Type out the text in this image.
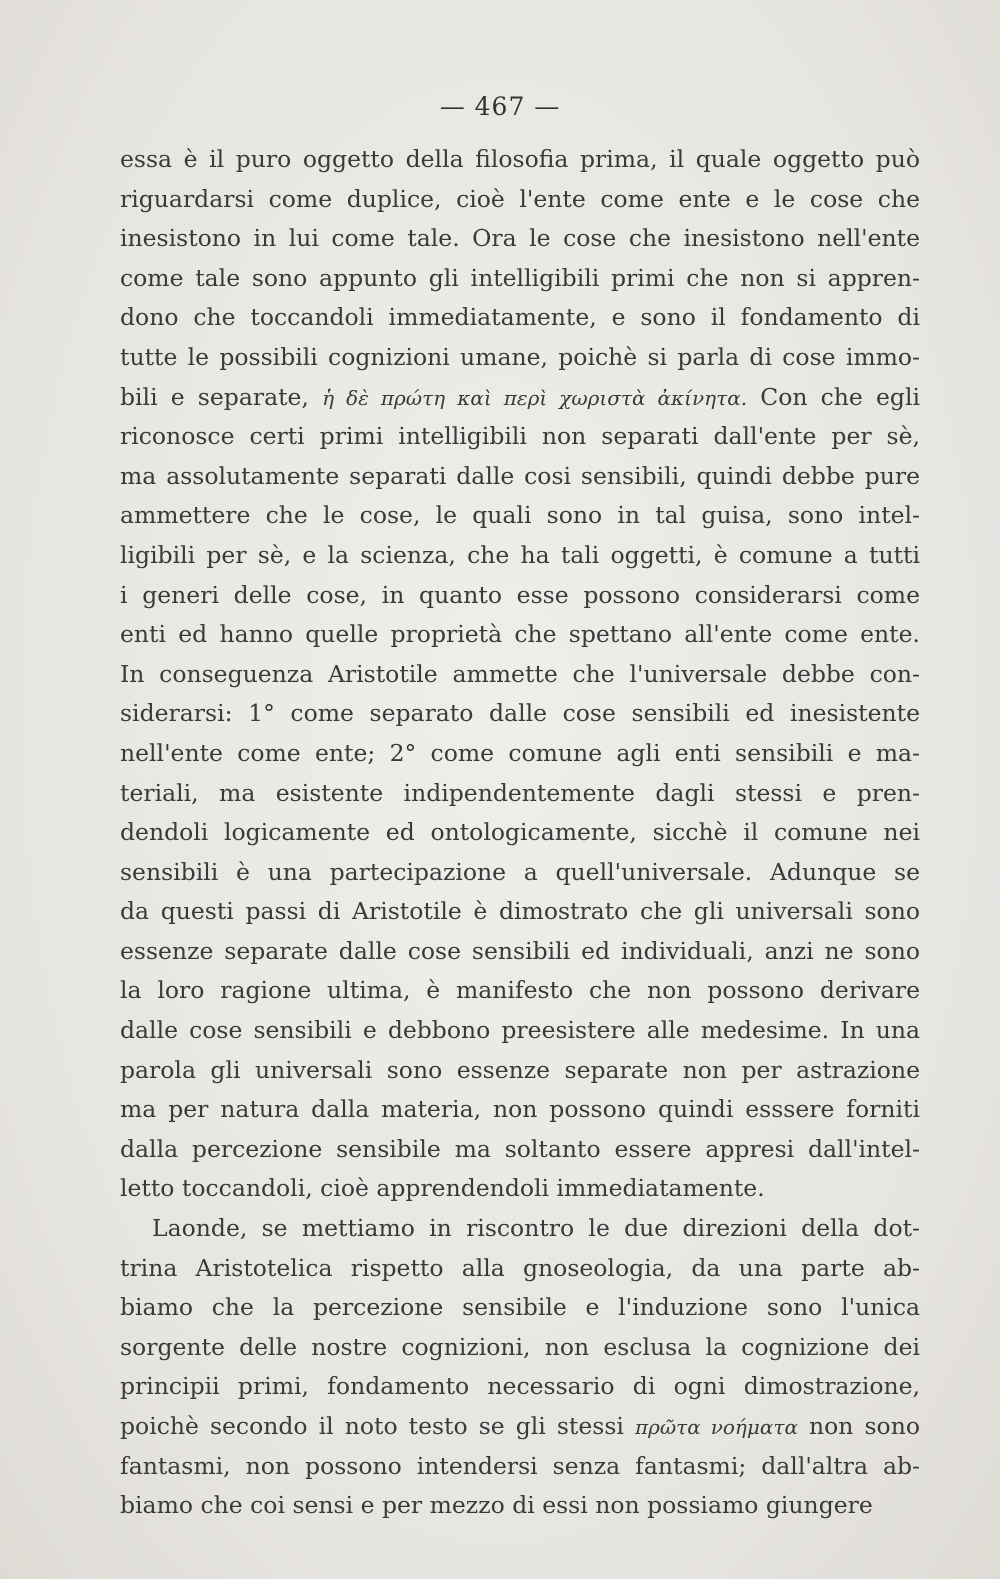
— 467 —
essa è il puro oggetto della filosofia prima, il quale oggetto può
riguardarsi come duplice, cioè l'ente come ente e le cose che
inesistono in lui come tale. Ora le cose che inesistono nell'ente
come tale sono appunto gli intelligibili primi che non si appren-
dono che toccandoli immediatamente, e sono il fondamento di
tutte le possibili cognizioni umane, poichè si parla di cose immo-
bili e separate, ἡ δὲ πρώτη καὶ περὶ χωριστὰ ἀκίνητα. Con che egli
riconosce certi primi intelligibili non separati dall'ente per sè,
ma assolutamente separati dalle cosi sensibili, quindi debbe pure
ammettere che le cose, le quali sono in tal guisa, sono intel-
ligibili per sè, e la scienza, che ha tali oggetti, è comune a tutti
i generi delle cose, in quanto esse possono considerarsi come
enti ed hanno quelle proprietà che spettano all'ente come ente.
In conseguenza Aristotile ammette che l'universale debbe con-
siderarsi: 1° come separato dalle cose sensibili ed inesistente
nell'ente come ente; 2° come comune agli enti sensibili e ma-
teriali, ma esistente indipendentemente dagli stessi e pren-
dendoli logicamente ed ontologicamente, sicchè il comune nei
sensibili è una partecipazione a quell'universale. Adunque se
da questi passi di Aristotile è dimostrato che gli universali sono
essenze separate dalle cose sensibili ed individuali, anzi ne sono
la loro ragione ultima, è manifesto che non possono derivare
dalle cose sensibili e debbono preesistere alle medesime. In una
parola gli universali sono essenze separate non per astrazione
ma per natura dalla materia, non possono quindi esssere forniti
dalla percezione sensibile ma soltanto essere appresi dall'intel-
letto toccandoli, cioè apprendendoli immediatamente.
Laonde, se mettiamo in riscontro le due direzioni della dot-
trina Aristotelica rispetto alla gnoseologia, da una parte ab-
biamo che la percezione sensibile e l'induzione sono l'unica
sorgente delle nostre cognizioni, non esclusa la cognizione dei
principii primi, fondamento necessario di ogni dimostrazione,
poichè secondo il noto testo se gli stessi πρῶτα νοήματα non sono
fantasmi, non possono intendersi senza fantasmi; dall'altra ab-
biamo che coi sensi e per mezzo di essi non possiamo giungere
